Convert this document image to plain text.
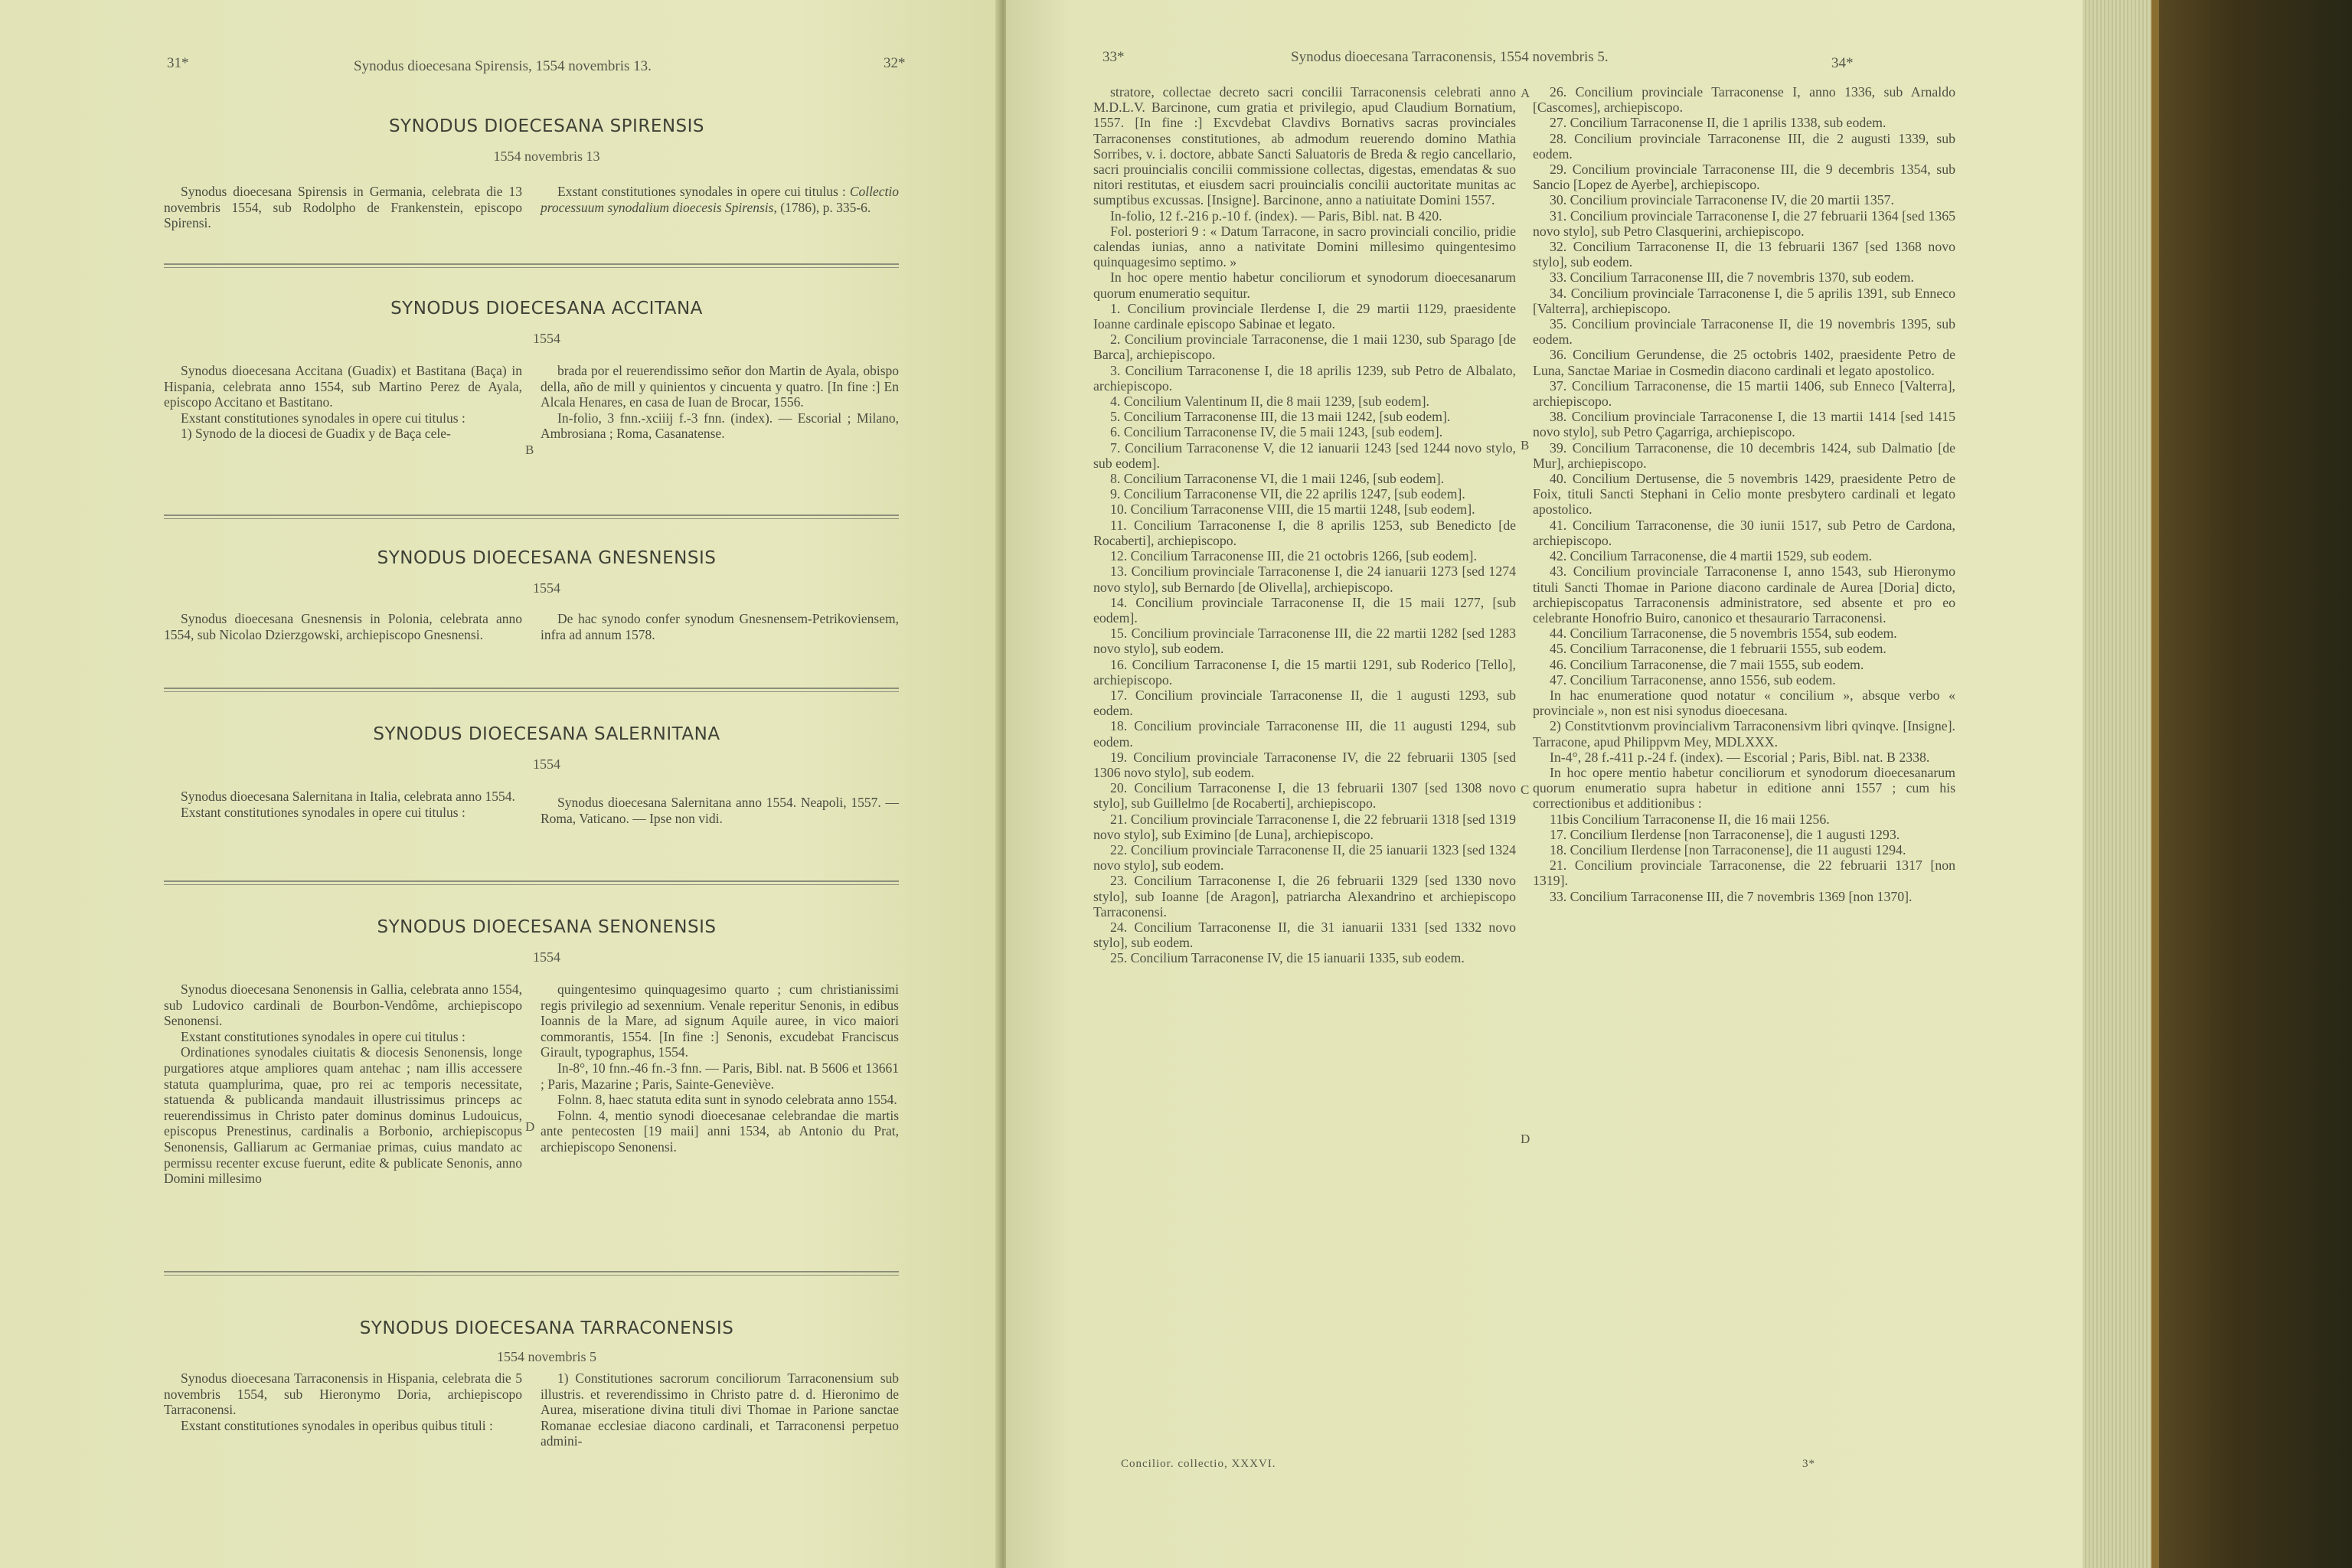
31*	Synodus dioecesana Spirensis, 1554 novembris 13.	32*
SYNODUS DIOECESANA SPIRENSIS
1554 novembris 13

Synodus dioecesana Spirensis in Germania, celebrata die 13 novembris 1554, sub Rodolpho de Frankenstein, episcopo Spirensi.

Exstant constitutiones synodales in opere cui titulus : Collectio processuum synodalium dioecesis Spirensis, (1786), p. 335-6.

SYNODUS DIOECESANA ACCITANA
1554

Synodus dioecesana Accitana (Guadix) et Bastitana (Baça) in Hispania, celebrata anno 1554, sub Martino Perez de Ayala, episcopo Accitano et Bastitano.

Exstant constitutiones synodales in opere cui titulus :

1) Synodo de la diocesi de Guadix y de Baça cele-

brada por el reuerendissimo señor don Martin de Ayala, obispo della, año de mill y quinientos y cincuenta y quatro. [In fine :] En Alcala Henares, en casa de Iuan de Brocar, 1556.

In-folio, 3 fnn.-xciiij f.-3 fnn. (index). — Escorial ; Milano, Ambrosiana ; Roma, Casanatense.

B
SYNODUS DIOECESANA GNESNENSIS
1554

Synodus dioecesana Gnesnensis in Polonia, celebrata anno 1554, sub Nicolao Dzierzgowski, archiepiscopo Gnesnensi.

De hac synodo confer synodum Gnesnensem-Petrikoviensem, infra ad annum 1578.

SYNODUS DIOECESANA SALERNITANA
1554

Synodus dioecesana Salernitana in Italia, celebrata anno 1554.

Exstant constitutiones synodales in opere cui titulus :

Synodus dioecesana Salernitana anno 1554. Neapoli, 1557. — Roma, Vaticano. — Ipse non vidi.

SYNODUS DIOECESANA SENONENSIS
1554

Synodus dioecesana Senonensis in Gallia, celebrata anno 1554, sub Ludovico cardinali de Bourbon-Vendôme, archiepiscopo Senonensi.

Exstant constitutiones synodales in opere cui titulus :

Ordinationes synodales ciuitatis & diocesis Senonensis, longe purgatiores atque ampliores quam antehac ; nam illis accessere statuta quamplurima, quae, pro rei ac temporis necessitate, statuenda & publicanda mandauit illustrissimus princeps ac reuerendissimus in Christo pater dominus dominus Ludouicus, episcopus Prenestinus, cardinalis a Borbonio, archiepiscopus Senonensis, Galliarum ac Germaniae primas, cuius mandato ac permissu recenter excuse fuerunt, edite & publicate Senonis, anno Domini millesimo

quingentesimo quinquagesimo quarto ; cum christianissimi regis privilegio ad sexennium. Venale reperitur Senonis, in edibus Ioannis de la Mare, ad signum Aquile auree, in vico maiori commorantis, 1554. [In fine :] Senonis, excudebat Franciscus Girault, typographus, 1554.

In-8°, 10 fnn.-46 fn.-3 fnn. — Paris, Bibl. nat. B 5606 et 13661 ; Paris, Mazarine ; Paris, Sainte-Geneviève.

Folnn. 8, haec statuta edita sunt in synodo celebrata anno 1554.

Folnn. 4, mentio synodi dioecesanae celebrandae die martis ante pentecosten [19 maii] anni 1534, ab Antonio du Prat, archiepiscopo Senonensi.

D
SYNODUS DIOECESANA TARRACONENSIS
1554 novembris 5

Synodus dioecesana Tarraconensis in Hispania, celebrata die 5 novembris 1554, sub Hieronymo Doria, archiepiscopo Tarraconensi.

Exstant constitutiones synodales in operibus quibus tituli :

1) Constitutiones sacrorum conciliorum Tarraconensium sub illustris. et reverendissimo in Christo patre d. d. Hieronimo de Aurea, miseratione divina tituli divi Thomae in Parione sanctae Romanae ecclesiae diacono cardinali, et Tarraconensi perpetuo admini-

33*	Synodus dioecesana Tarraconensis, 1554 novembris 5.	34*

stratore, collectae decreto sacri concilii Tarraconensis celebrati anno M.D.L.V. Barcinone, cum gratia et privilegio, apud Claudium Bornatium, 1557. [In fine :] Excvdebat Clavdivs Bornativs sacras provinciales Tarraconenses constitutiones, ab admodum reuerendo domino Mathia Sorribes, v. i. doctore, abbate Sancti Saluatoris de Breda & regio cancellario, sacri prouincialis concilii commissione collectas, digestas, emendatas & suo nitori restitutas, et eiusdem sacri prouincialis concilii auctoritate munitas ac sumptibus excussas. [Insigne]. Barcinone, anno a natiuitate Domini 1557.

In-folio, 12 f.-216 p.-10 f. (index). — Paris, Bibl. nat. B 420.

Fol. posteriori 9 : « Datum Tarracone, in sacro provinciali concilio, pridie calendas iunias, anno a nativitate Domini millesimo quingentesimo quinquagesimo septimo. »

In hoc opere mentio habetur conciliorum et synodorum dioecesanarum quorum enumeratio sequitur.

1. Concilium provinciale Ilerdense I, die 29 martii 1129, praesidente Ioanne cardinale episcopo Sabinae et legato.

2. Concilium provinciale Tarraconense, die 1 maii 1230, sub Sparago [de Barca], archiepiscopo.

3. Concilium Tarraconense I, die 18 aprilis 1239, sub Petro de Albalato, archiepiscopo.

4. Concilium Valentinum II, die 8 maii 1239, [sub eodem].

5. Concilium Tarraconense III, die 13 maii 1242, [sub eodem].

6. Concilium Tarraconense IV, die 5 maii 1243, [sub eodem].

7. Concilium Tarraconense V, die 12 ianuarii 1243 [sed 1244 novo stylo, sub eodem].

8. Concilium Tarraconense VI, die 1 maii 1246, [sub eodem].

9. Concilium Tarraconense VII, die 22 aprilis 1247, [sub eodem].

10. Concilium Tarraconense VIII, die 15 martii 1248, [sub eodem].

11. Concilium Tarraconense I, die 8 aprilis 1253, sub Benedicto [de Rocaberti], archiepiscopo.

12. Concilium Tarraconense III, die 21 octobris 1266, [sub eodem].

13. Concilium provinciale Tarraconense I, die 24 ianuarii 1273 [sed 1274 novo stylo], sub Bernardo [de Olivella], archiepiscopo.

14. Concilium provinciale Tarraconense II, die 15 maii 1277, [sub eodem].

15. Concilium provinciale Tarraconense III, die 22 martii 1282 [sed 1283 novo stylo], sub eodem.

16. Concilium Tarraconense I, die 15 martii 1291, sub Roderico [Tello], archiepiscopo.

17. Concilium provinciale Tarraconense II, die 1 augusti 1293, sub eodem.

18. Concilium provinciale Tarraconense III, die 11 augusti 1294, sub eodem.

19. Concilium provinciale Tarraconense IV, die 22 februarii 1305 [sed 1306 novo stylo], sub eodem.

20. Concilium Tarraconense I, die 13 februarii 1307 [sed 1308 novo stylo], sub Guillelmo [de Rocaberti], archiepiscopo.

21. Concilium provinciale Tarraconense I, die 22 februarii 1318 [sed 1319 novo stylo], sub Eximino [de Luna], archiepiscopo.

22. Concilium provinciale Tarraconense II, die 25 ianuarii 1323 [sed 1324 novo stylo], sub eodem.

23. Concilium Tarraconense I, die 26 februarii 1329 [sed 1330 novo stylo], sub Ioanne [de Aragon], patriarcha Alexandrino et archiepiscopo Tarraconensi.

24. Concilium Tarraconense II, die 31 ianuarii 1331 [sed 1332 novo stylo], sub eodem.

25. Concilium Tarraconense IV, die 15 ianuarii 1335, sub eodem.

A
B
C
D

26. Concilium provinciale Tarraconense I, anno 1336, sub Arnaldo [Cascomes], archiepiscopo.

27. Concilium Tarraconense II, die 1 aprilis 1338, sub eodem.

28. Concilium provinciale Tarraconense III, die 2 augusti 1339, sub eodem.

29. Concilium provinciale Tarraconense III, die 9 decembris 1354, sub Sancio [Lopez de Ayerbe], archiepiscopo.

30. Concilium provinciale Tarraconense IV, die 20 martii 1357.

31. Concilium provinciale Tarraconense I, die 27 februarii 1364 [sed 1365 novo stylo], sub Petro Clasquerini, archiepiscopo.

32. Concilium Tarraconense II, die 13 februarii 1367 [sed 1368 novo stylo], sub eodem.

33. Concilium Tarraconense III, die 7 novembris 1370, sub eodem.

34. Concilium provinciale Tarraconense I, die 5 aprilis 1391, sub Enneco [Valterra], archiepiscopo.

35. Concilium provinciale Tarraconense II, die 19 novembris 1395, sub eodem.

36. Concilium Gerundense, die 25 octobris 1402, praesidente Petro de Luna, Sanctae Mariae in Cosmedin diacono cardinali et legato apostolico.

37. Concilium Tarraconense, die 15 martii 1406, sub Enneco [Valterra], archiepiscopo.

38. Concilium provinciale Tarraconense I, die 13 martii 1414 [sed 1415 novo stylo], sub Petro Çagarriga, archiepiscopo.

39. Concilium Tarraconense, die 10 decembris 1424, sub Dalmatio [de Mur], archiepiscopo.

40. Concilium Dertusense, die 5 novembris 1429, praesidente Petro de Foix, tituli Sancti Stephani in Celio monte presbytero cardinali et legato apostolico.

41. Concilium Tarraconense, die 30 iunii 1517, sub Petro de Cardona, archiepiscopo.

42. Concilium Tarraconense, die 4 martii 1529, sub eodem.

43. Concilium provinciale Tarraconense I, anno 1543, sub Hieronymo tituli Sancti Thomae in Parione diacono cardinale de Aurea [Doria] dicto, archiepiscopatus Tarraconensis administratore, sed absente et pro eo celebrante Honofrio Buiro, canonico et thesaurario Tarraconensi.

44. Concilium Tarraconense, die 5 novembris 1554, sub eodem.

45. Concilium Tarraconense, die 1 februarii 1555, sub eodem.

46. Concilium Tarraconense, die 7 maii 1555, sub eodem.

47. Concilium Tarraconense, anno 1556, sub eodem.

In hac enumeratione quod notatur « concilium », absque verbo « provinciale », non est nisi synodus dioecesana.

2) Constitvtionvm provincialivm Tarraconensivm libri qvinqve. [Insigne]. Tarracone, apud Philippvm Mey, MDLXXX.

In-4°, 28 f.-411 p.-24 f. (index). — Escorial ; Paris, Bibl. nat. B 2338.

In hoc opere mentio habetur conciliorum et synodorum dioecesanarum quorum enumeratio supra habetur in editione anni 1557 ; cum his correctionibus et additionibus :

11bis Concilium Tarraconense II, die 16 maii 1256.

17. Concilium Ilerdense [non Tarraconense], die 1 augusti 1293.

18. Concilium Ilerdense [non Tarraconense], die 11 augusti 1294.

21. Concilium provinciale Tarraconense, die 22 februarii 1317 [non 1319].

33. Concilium Tarraconense III, die 7 novembris 1369 [non 1370].

Concilior. collectio, XXXVI.	3*
